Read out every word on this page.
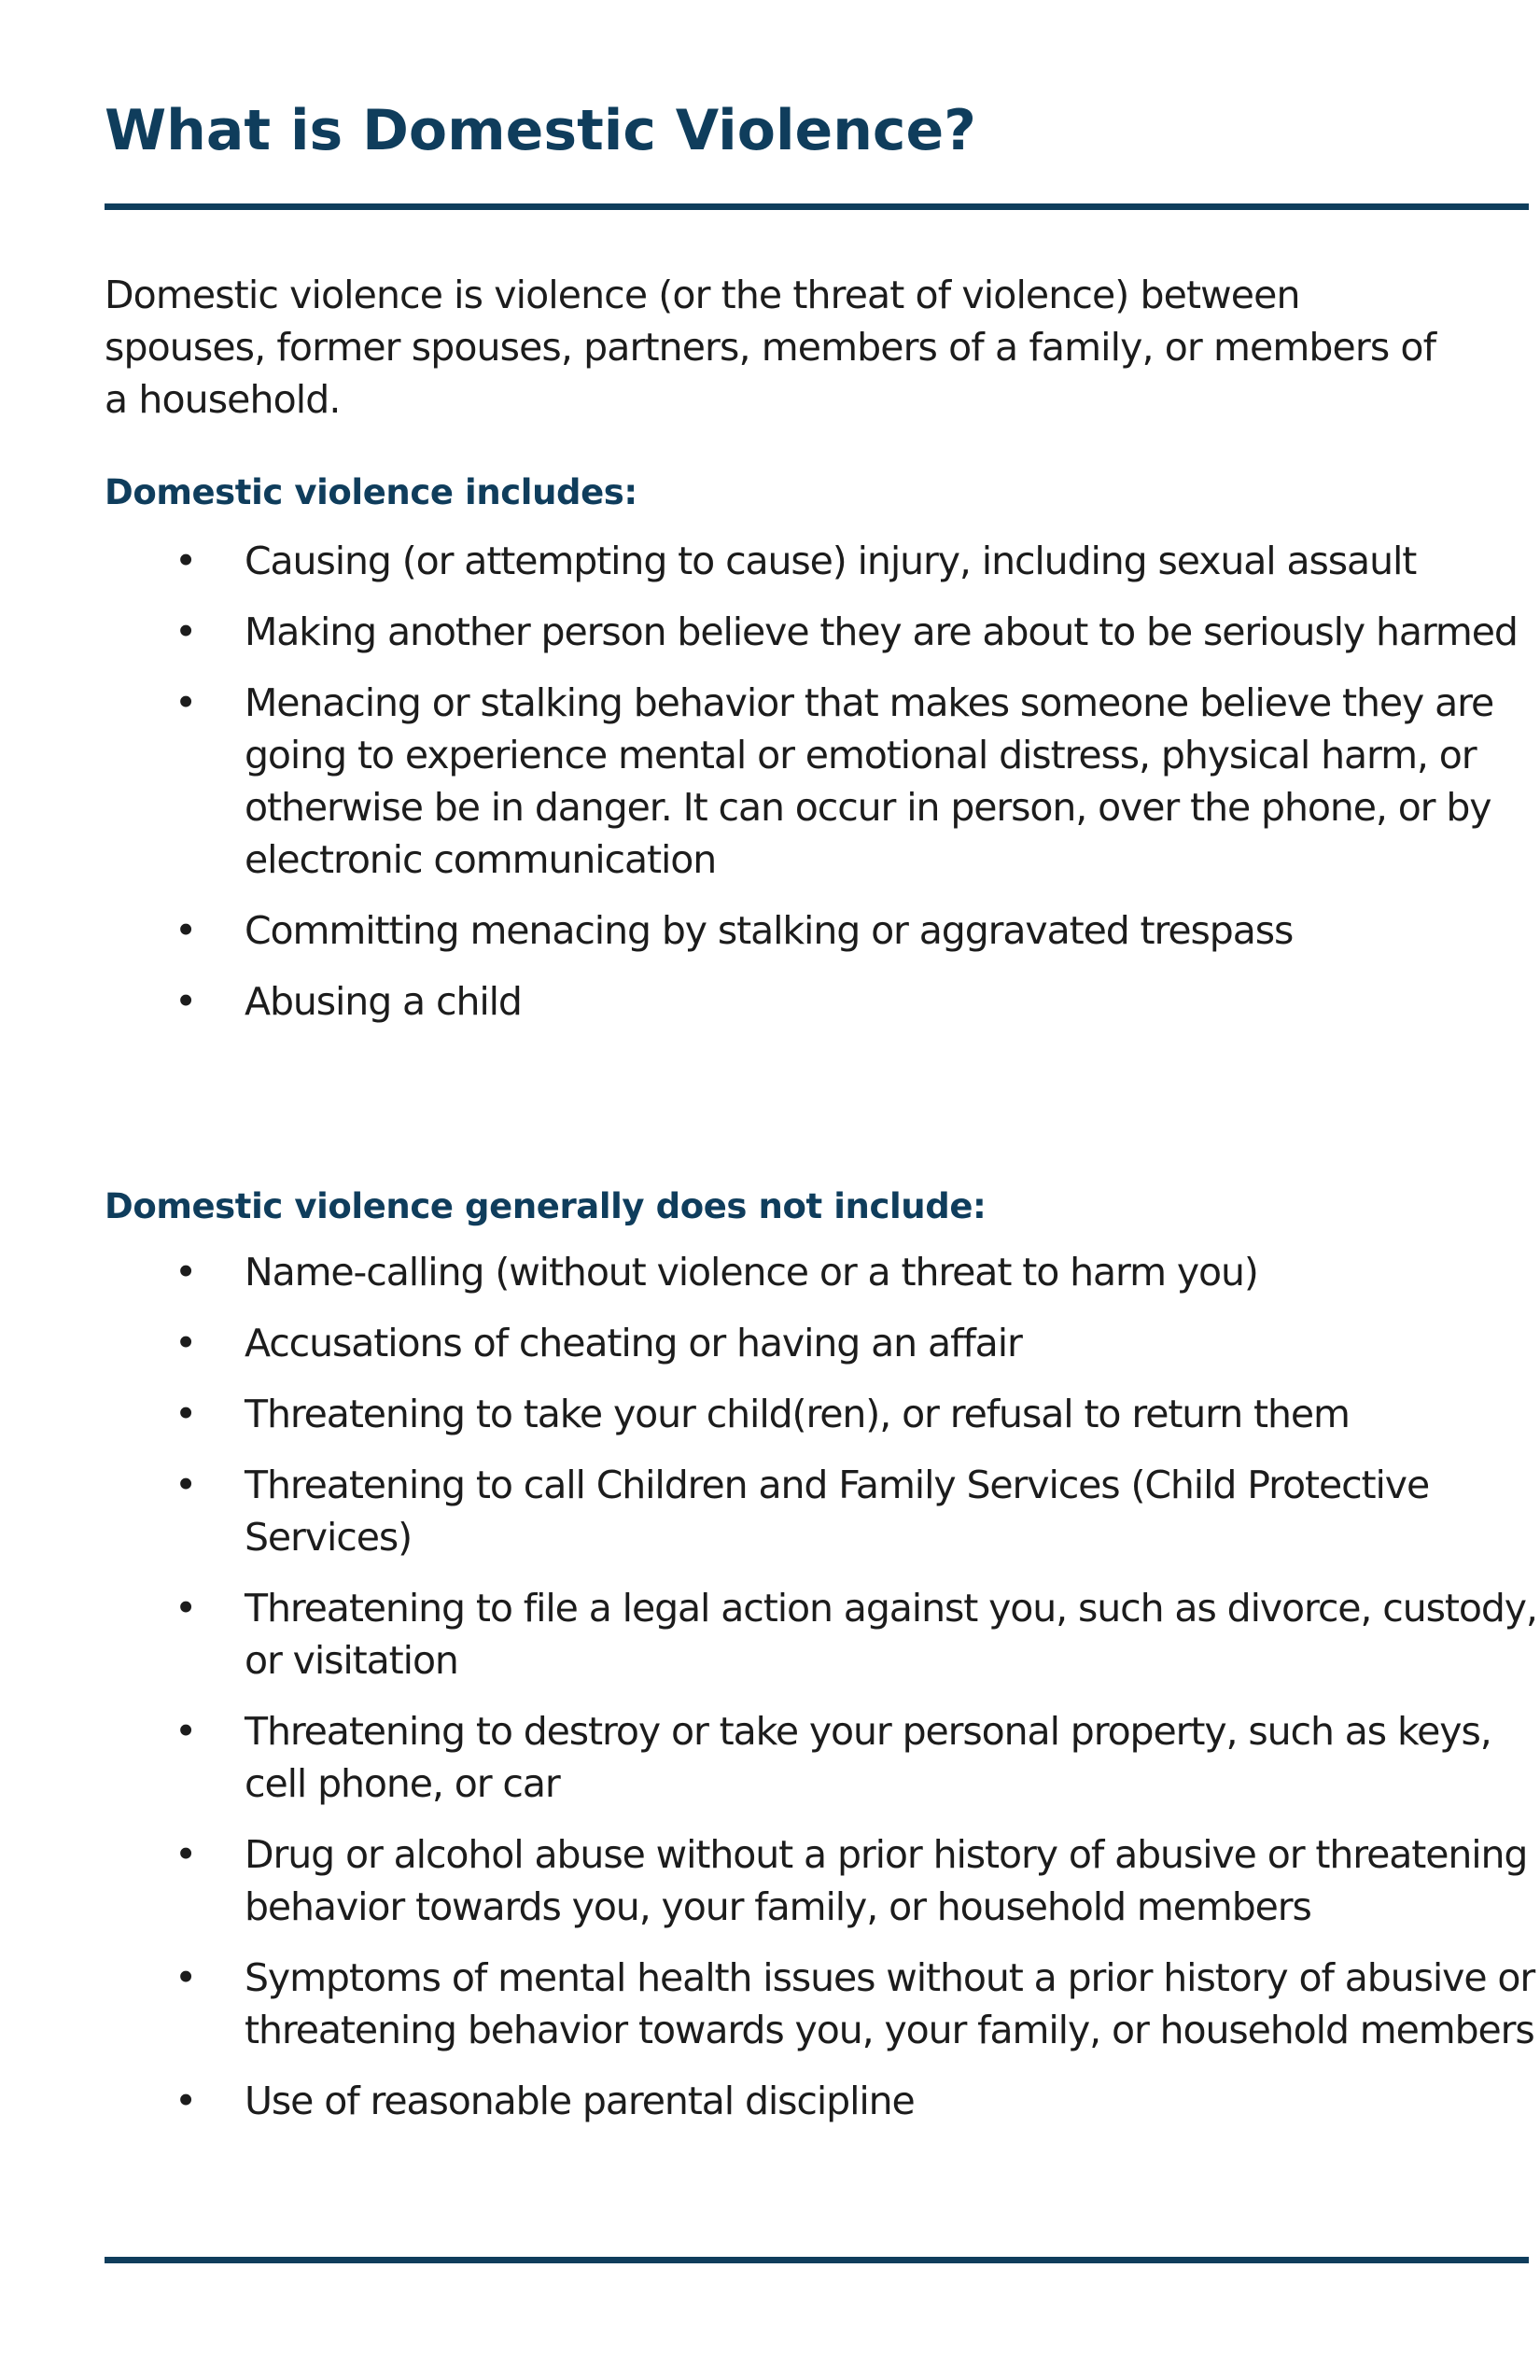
What is Domestic Violence?

Domestic violence is violence (or the threat of violence) between spouses, former spouses, partners, members of a family, or members of a household.

Domestic violence includes:
• Causing (or attempting to cause) injury, including sexual assault
• Making another person believe they are about to be seriously harmed
• Menacing or stalking behavior that makes someone believe they are going to experience mental or emotional distress, physical harm, or otherwise be in danger. It can occur in person, over the phone, or by electronic communication
• Committing menacing by stalking or aggravated trespass
• Abusing a child
Domestic violence generally does not include:
• Name-calling (without violence or a threat to harm you)
• Accusations of cheating or having an affair
• Threatening to take your child(ren), or refusal to return them
• Threatening to call Children and Family Services (Child Protective Services)
• Threatening to file a legal action against you, such as divorce, custody, or visitation
• Threatening to destroy or take your personal property, such as keys, cell phone, or car
• Drug or alcohol abuse without a prior history of abusive or threatening behavior towards you, your family, or household members
• Symptoms of mental health issues without a prior history of abusive or threatening behavior towards you, your family, or household members
• Use of reasonable parental discipline
